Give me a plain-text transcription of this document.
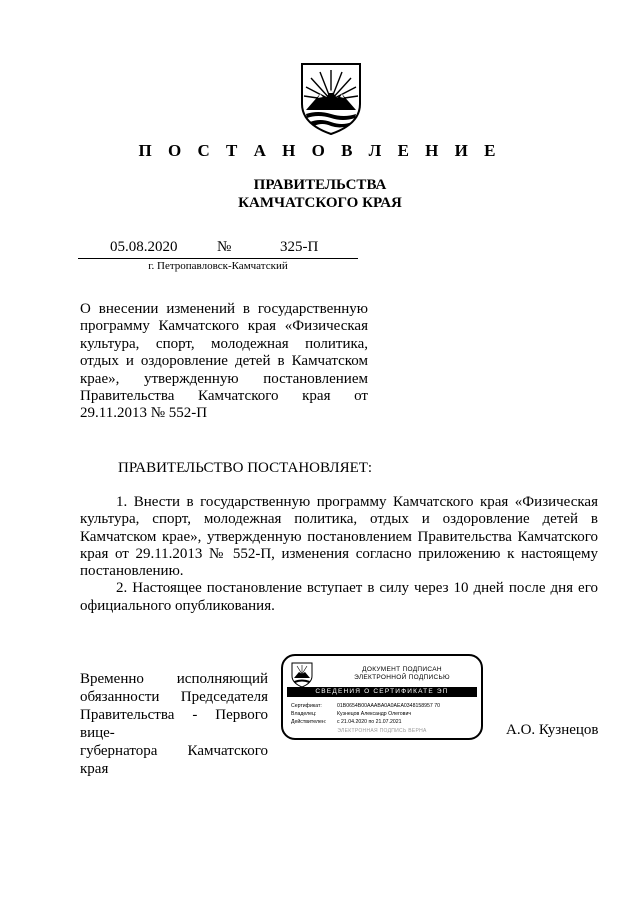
П О С Т А Н О В Л Е Н И Е
ПРАВИТЕЛЬСТВА
КАМЧАТСКОГО КРАЯ
05.08.2020	№	325-П
г. Петропавловск-Камчатский
О внесении изменений в государственную
программу Камчатского края «Физическая
культура, спорт, молодежная политика,
отдых и оздоровление детей в Камчатском
крае», утвержденную постановлением
Правительства Камчатского края от
29.11.2013 № 552-П
ПРАВИТЕЛЬСТВО ПОСТАНОВЛЯЕТ:
1. Внести в государственную программу Камчатского края «Физическая
культура, спорт, молодежная политика, отдых и оздоровление детей в
Камчатском крае», утвержденную постановлением Правительства Камчатского
края от 29.11.2013 № 552-П, изменения согласно приложению к настоящему
постановлению.
2. Настоящее постановление вступает в силу через 10 дней после дня его
официального опубликования.
Временно исполняющий
обязанности Председателя
Правительства - Первого вице-
губернатора Камчатского края
ДОКУМЕНТ ПОДПИСАН
ЭЛЕКТРОННОЙ ПОДПИСЬЮ
СВЕДЕНИЯ О СЕРТИФИКАТЕ ЭП
Сертификат:	01B0654B00AAABA0A0AEA0348158957 70
Владелец:	Кузнецов Александр Олегович
Действителен: с 21.04.2020 по 21.07.2021
ЭЛЕКТРОННАЯ ПОДПИСЬ ВЕРНА	А.О. Кузнецов
